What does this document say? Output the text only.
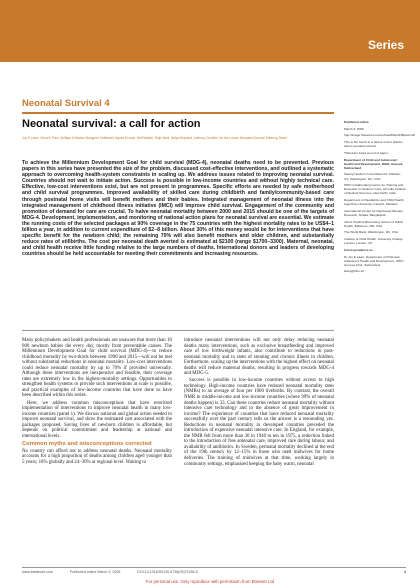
Series
Neonatal Survival 4
Neonatal survival: a call for action
Joy E Lawn, Vinod K Paul, Zulfiqar A Bhutta, Mangrme Kettlewell, Agnes Soucat, Neff Walker, Rajiv Bahl, Ndiya Reynard, Anthony Costello, for the Lancet Neonatal Survival Steering Team*
To achieve the Millennium Development Goal for child survival (MDG-4), neonatal deaths need to be prevented. Previous papers in this series have presented the size of the problem, discussed cost-effective interventions, and outlined a systematic approach to overcoming health-system constraints in scaling up. We address issues related to improving neonatal survival. Countries should not wait to initiate action. Success is possible in low-income countries and without highly technical care. Effective, low-cost interventions exist, but are not present in programmes. Specific efforts are needed by safe motherhood and child survival programmes. Improved availability of skilled care during childbirth and family/community-based care through postnatal home visits will benefit mothers and their babies. Integrated management of neonatal illness into the integrated management of childhood illness initiative (IMCI) will improve child survival. Engagement of the community and promotion of demand for care are crucial. To halve neonatal mortality between 2000 and 2015 should be one of the targets of MDG-4. Development, implementation, and monitoring of national action plans for neonatal survival are essential. We estimate the running costs of the selected packages at 90% coverage in the 75 countries with the highest mortality rates to be US$4–1 billion a year, in addition to current expenditure of $2–8 billion. About 30% of this money would be for interventions that have specific benefit for the newborn child; the remaining 70% will also benefit mothers and older children, and substantially reduce rates of stillbirths. The cost per neonatal death averted is estimated at $2100 (range $1700–3300). Maternal, neonatal, and child health receive little funding relative to the large numbers of deaths. International donors and leaders of developing countries should be held accountable for meeting their commitments and increasing resources.

Many policymakers and health professionals are unaware that more than 10 000 newborn babies die every day, mostly from preventable causes. The Millennium Development Goal for child survival (MDG-4)—to reduce childhood mortality by two-thirds between 1990 and 2015—will not be met without substantial reductions in neonatal mortality. Low-cost interventions could reduce neonatal mortality by up to 70% if provided universally. Although these interventions are inexpensive and feasible, their coverage rates are extremely low in the highest-mortality settings. Opportunities to strengthen health systems to provide such interventions at scale is possible, and practical examples of low-income countries that have done so have been described within this series.

Here, we address common misconceptions that have restricted implementation of interventions to improve neonatal health in many low-income countries (panel 1). We discuss national and global action needed to improve neonatal survival, and show the estimated cost associated with the packages proposed. Saving lives of newborn children is affordable, but depends on political commitment and leadership at national and international levels.

Common myths and misconceptions corrected

No country can afford not to address neonatal deaths. Neonatal mortality accounts for a high proportion of deaths among children aged younger than 5 years; 18% globally and 24–30% at regional level. Waiting to

introduce neonatal interventions will not only delay reducing neonatal deaths many interventions, such as exclusive breastfeeding and improved care of low birthweight infants, also contribute to reductions in post-neonatal mortality and in rates of stunting and chronic illness in children. Furthermore, scaling up the interventions with the highest effect on neonatal deaths will reduce maternal deaths, resulting in progress towards MDG-4 and MDG-5.

Success is possible in low-income countries without access to high technology. High-income countries have reduced neonatal mortality rates (NMRs) to an average of four per 1000 livebirths. By contrast, the overall NMR in middle-income and low-income countries (where 99% of neonatal deaths happen) is 33. Can these countries reduce neonatal mortality without intensive care technology and in the absence of great improvement in income? The experience of countries that have reduced neonatal mortality successfully over the past century tells us the answer is a resounding yes. Reductions in neonatal mortality in developed countries preceded the introduction of expensive neonatal intensive care. In England, for example, the NMR fell from more than 30 in 1940 to ten in 1975, a reduction linked to the introduction of free antenatal care, improved care during labour, and availability of antibiotics. In Sweden, perinatal mortality declined at the end of the 19th century by 12–15% in those who used midwives for home deliveries. The training of midwives at that time, working largely in community settings, emphasised keeping the baby warm, neonatal

Published online

March 3, 2005

http://image.thelancet.com/extras/05art1156web.pdf

This is the fourth in a Series of four articles about neonatal survival

*Members listed at end of paper

Department of Child and Adolescent Health and Development, WHO, Geneva, Switzerland

Saving Newborn Lives/Save the Children-US, Washington, DC, USA

WHO Collaborating Centre for Training and Research in Newborn Care, All India Institute of Medical Sciences, New Delhi, India

Department of Paediatrics and Child Health, Aga Khan University, Karachi, Pakistan

International Center for Diarrhoeal Disease Research, Dhaka, Bangladesh

Johns Hopkins Bloomberg School of Public Health, Baltimore, MD, USA

The World Bank, Washington, DC, USA

Institute of Child Health, University College London, London, UK

Correspondence to:

Dr Joy E Lawn, Department of Child and Adolescent Health and Development, WHO, Geneva 1211, Switzerland

lawnj@who.int

www.thelancet.com	Published online March 3, 2005	DOI:10.1016/S0140-6736(05)71156-5	1
For personal use. Only reproduce with permission from Elsevier Ltd
